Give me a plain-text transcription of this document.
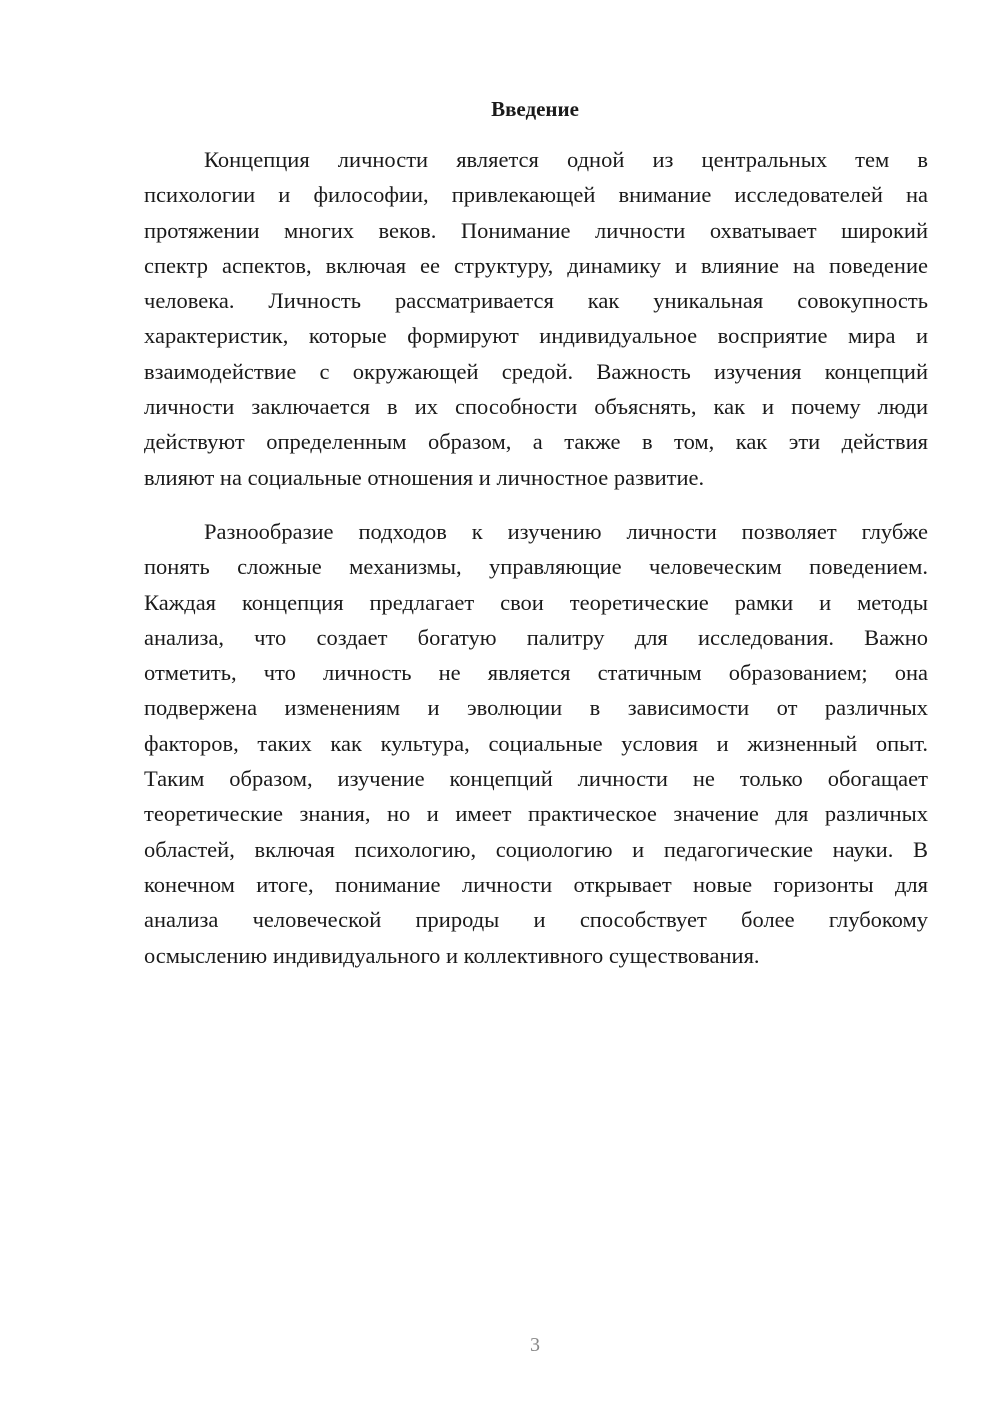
Введение
Концепция личности является одной из центральных тем в
психологии и философии, привлекающей внимание исследователей на
протяжении многих веков. Понимание личности охватывает широкий
спектр аспектов, включая ее структуру, динамику и влияние на поведение
человека. Личность рассматривается как уникальная совокупность
характеристик, которые формируют индивидуальное восприятие мира и
взаимодействие с окружающей средой. Важность изучения концепций
личности заключается в их способности объяснять, как и почему люди
действуют определенным образом, а также в том, как эти действия
влияют на социальные отношения и личностное развитие.
Разнообразие подходов к изучению личности позволяет глубже
понять сложные механизмы, управляющие человеческим поведением.
Каждая концепция предлагает свои теоретические рамки и методы
анализа, что создает богатую палитру для исследования. Важно
отметить, что личность не является статичным образованием; она
подвержена изменениям и эволюции в зависимости от различных
факторов, таких как культура, социальные условия и жизненный опыт.
Таким образом, изучение концепций личности не только обогащает
теоретические знания, но и имеет практическое значение для различных
областей, включая психологию, социологию и педагогические науки. В
конечном итоге, понимание личности открывает новые горизонты для
анализа человеческой природы и способствует более глубокому
осмыслению индивидуального и коллективного существования.
3
